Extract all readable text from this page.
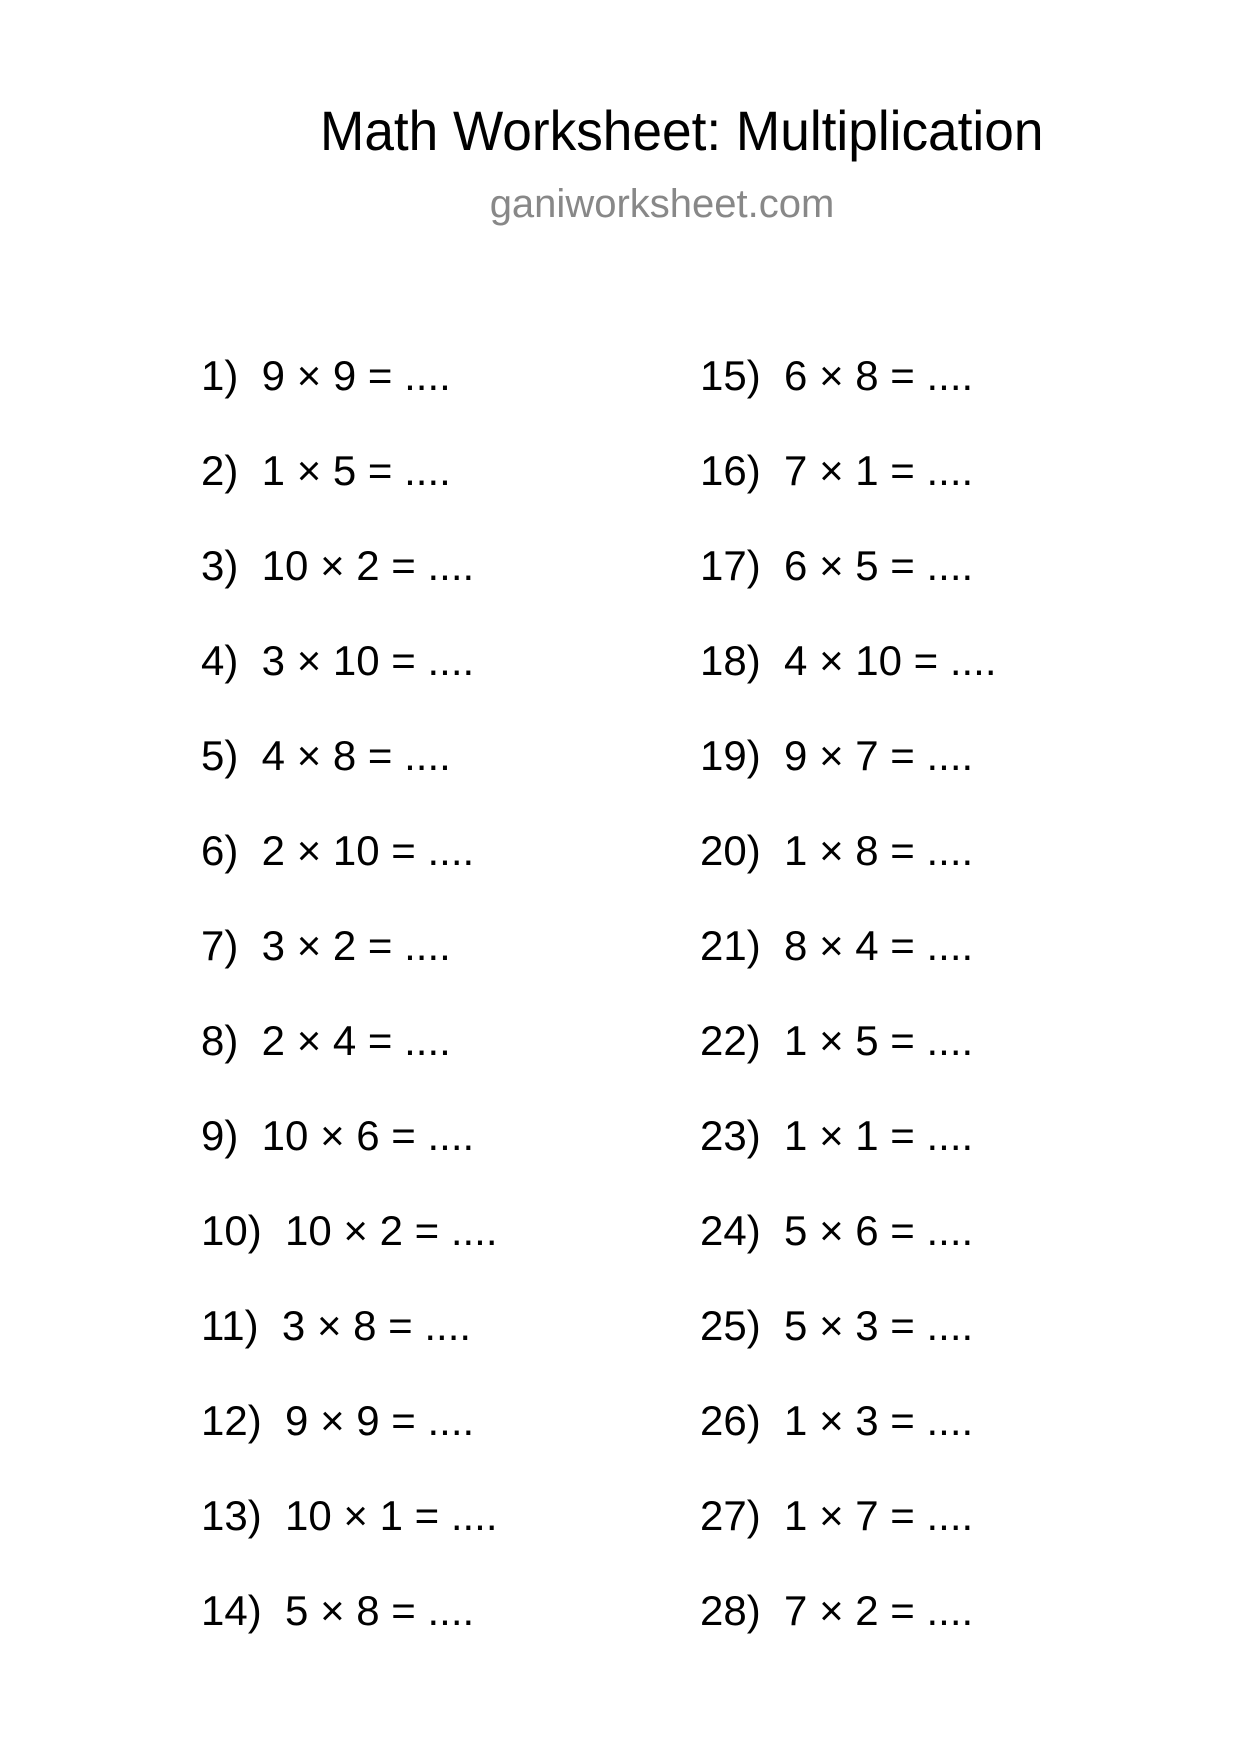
Math Worksheet: Multiplication
ganiworksheet.com
1)  9 × 9 = ....
2)  1 × 5 = ....
3)  10 × 2 = ....
4)  3 × 10 = ....
5)  4 × 8 = ....
6)  2 × 10 = ....
7)  3 × 2 = ....
8)  2 × 4 = ....
9)  10 × 6 = ....
10)  10 × 2 = ....
11)  3 × 8 = ....
12)  9 × 9 = ....
13)  10 × 1 = ....
14)  5 × 8 = ....
15)  6 × 8 = ....
16)  7 × 1 = ....
17)  6 × 5 = ....
18)  4 × 10 = ....
19)  9 × 7 = ....
20)  1 × 8 = ....
21)  8 × 4 = ....
22)  1 × 5 = ....
23)  1 × 1 = ....
24)  5 × 6 = ....
25)  5 × 3 = ....
26)  1 × 3 = ....
27)  1 × 7 = ....
28)  7 × 2 = ....
